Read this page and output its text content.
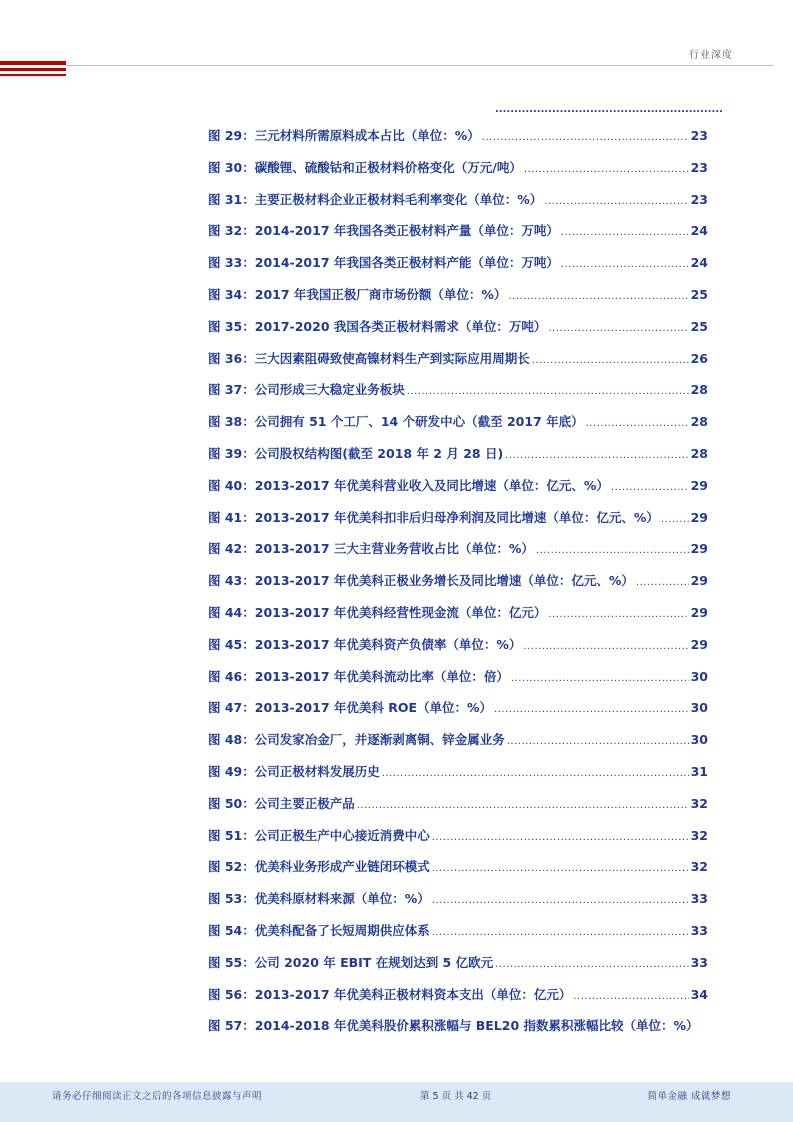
行业深度
............................................................
图 29：三元材料所需原料成本占比（单位：%） .....	23
图 30：碳酸锂、硫酸钴和正极材料价格变化（万元/吨） .....	23
图 31：主要正极材料企业正极材料毛利率变化（单位：%） .....	23
图 32：2014-2017 年我国各类正极材料产量（单位：万吨） .....	24
图 33：2014-2017 年我国各类正极材料产能（单位：万吨） .....	24
图 34：2017 年我国正极厂商市场份额（单位：%） .....	25
图 35：2017-2020 我国各类正极材料需求（单位：万吨） .....	25
图 36：三大因素阻碍致使高镍材料生产到实际应用周期长 .....	26
图 37：公司形成三大稳定业务板块 .....	28
图 38：公司拥有 51 个工厂、14 个研发中心（截至 2017 年底） .....	28
图 39：公司股权结构图(截至 2018 年 2 月 28 日) .....	28
图 40：2013-2017 年优美科营业收入及同比增速（单位：亿元、%） .....	29
图 41：2013-2017 年优美科扣非后归母净利润及同比增速（单位：亿元、%） .....	29
图 42：2013-2017 三大主营业务营收占比（单位：%） .....	29
图 43：2013-2017 年优美科正极业务增长及同比增速（单位：亿元、%） .....	29
图 44：2013-2017 年优美科经营性现金流（单位：亿元） .....	29
图 45：2013-2017 年优美科资产负债率（单位：%） .....	29
图 46：2013-2017 年优美科流动比率（单位：倍） .....	30
图 47：2013-2017 年优美科 ROE（单位：%） .....	30
图 48：公司发家冶金厂，并逐渐剥离铜、锌金属业务 .....	30
图 49：公司正极材料发展历史 .....	31
图 50：公司主要正极产品 .....	32
图 51：公司正极生产中心接近消费中心 .....	32
图 52：优美科业务形成产业链闭环模式 .....	32
图 53：优美科原材料来源（单位：%） .....	33
图 54：优美科配备了长短周期供应体系 .....	33
图 55：公司 2020 年 EBIT 在规划达到 5 亿欧元 .....	33
图 56：2013-2017 年优美科正极材料资本支出（单位：亿元） .....	34
图 57：2014-2018 年优美科股价累积涨幅与 BEL20 指数累积涨幅比较（单位：%）
请务必仔细阅读正文之后的各项信息披露与声明	第 5 页 共 42 页	简单金融 成就梦想
